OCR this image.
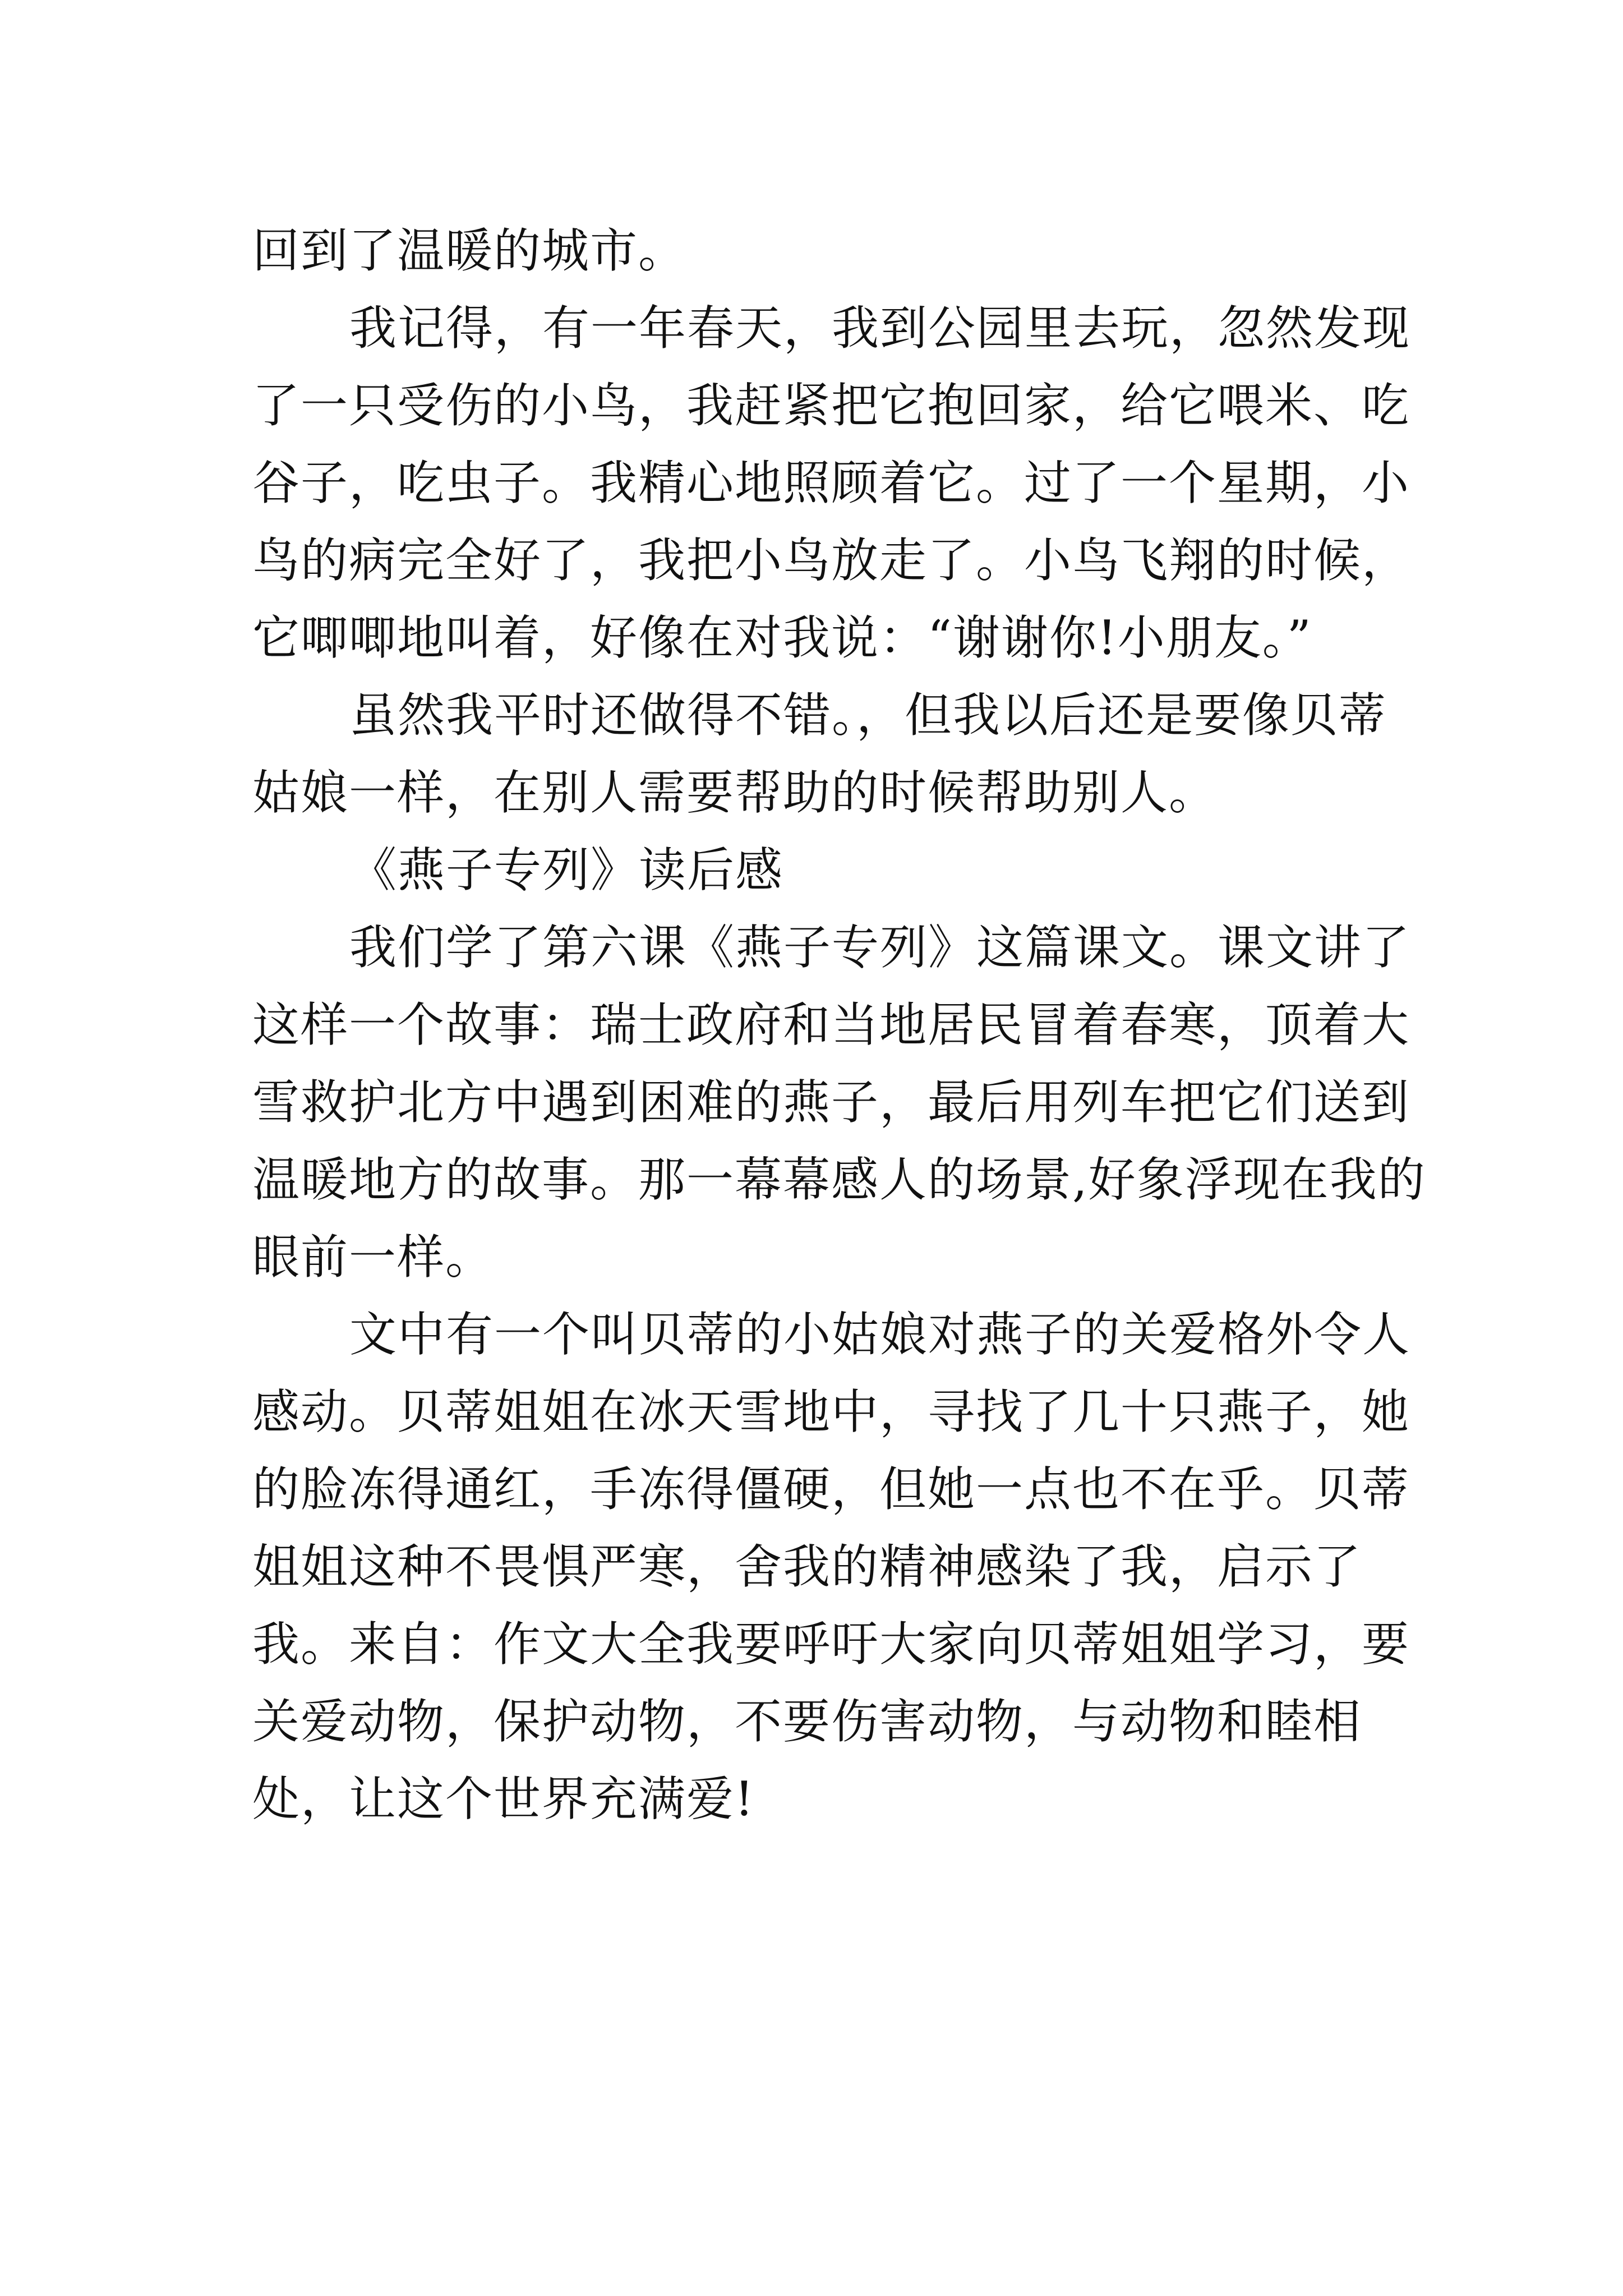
回到了温暖的城市。

我记得，有一年春天，我到公园里去玩，忽然发现了一只受伤的小鸟，我赶紧把它抱回家，给它喂米、吃谷子，吃虫子。我精心地照顾着它。过了一个星期，小鸟的病完全好了，我把小鸟放走了。小鸟飞翔的时候，它唧唧地叫着，好像在对我说：“谢谢你!小朋友。”

虽然我平时还做得不错。，但我以后还是要像贝蒂姑娘一样，在别人需要帮助的时候帮助别人。

《燕子专列》读后感

我们学了第六课《燕子专列》这篇课文。课文讲了这样一个故事：瑞士政府和当地居民冒着春寒，顶着大雪救护北方中遇到困难的燕子，最后用列车把它们送到温暖地方的故事。那一幕幕感人的场景,好象浮现在我的眼前一样。

文中有一个叫贝蒂的小姑娘对燕子的关爱格外令人感动。贝蒂姐姐在冰天雪地中，寻找了几十只燕子，她的脸冻得通红，手冻得僵硬，但她一点也不在乎。贝蒂姐姐这种不畏惧严寒，舍我的精神感染了我，启示了我。来自：作文大全我要呼吁大家向贝蒂姐姐学习，要关爱动物，保护动物，不要伤害动物，与动物和睦相处，让这个世界充满爱!
